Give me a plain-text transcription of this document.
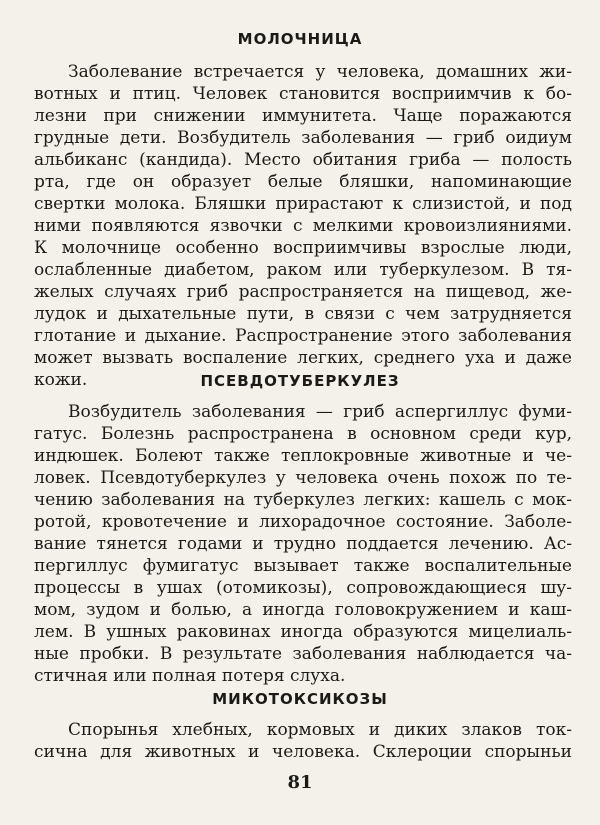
МОЛОЧНИЦА
Заболевание встречается у человека, домашних жи-
вотных и птиц. Человек становится восприимчив к бо-
лезни при снижении иммунитета. Чаще поражаются
грудные дети. Возбудитель заболевания — гриб оидиум
альбиканс (кандида). Место обитания гриба — полость
рта, где он образует белые бляшки, напоминающие
свертки молока. Бляшки прирастают к слизистой, и под
ними появляются язвочки с мелкими кровоизлияниями.
К молочнице особенно восприимчивы взрослые люди,
ослабленные диабетом, раком или туберкулезом. В тя-
желых случаях гриб распространяется на пищевод, же-
лудок и дыхательные пути, в связи с чем затрудняется
глотание и дыхание. Распространение этого заболевания
может вызвать воспаление легких, среднего уха и даже
кожи.	ПСЕВДОТУБЕРКУЛЕЗ
Возбудитель заболевания — гриб аспергиллус фуми-
гатус. Болезнь распространена в основном среди кур,
индюшек. Болеют также теплокровные животные и че-
ловек. Псевдотуберкулез у человека очень похож по те-
чению заболевания на туберкулез легких: кашель с мок-
ротой, кровотечение и лихорадочное состояние. Заболе-
вание тянется годами и трудно поддается лечению. Ас-
пергиллус фумигатус вызывает также воспалительные
процессы в ушах (отомикозы), сопровождающиеся шу-
мом, зудом и болью, а иногда головокружением и каш-
лем. В ушных раковинах иногда образуются мицелиаль-
ные пробки. В результате заболевания наблюдается ча-
стичная или полная потеря слуха.
МИКОТОКСИКОЗЫ
Спорынья хлебных, кормовых и диких злаков ток-
сична для животных и человека. Склероции спорыньи
81
